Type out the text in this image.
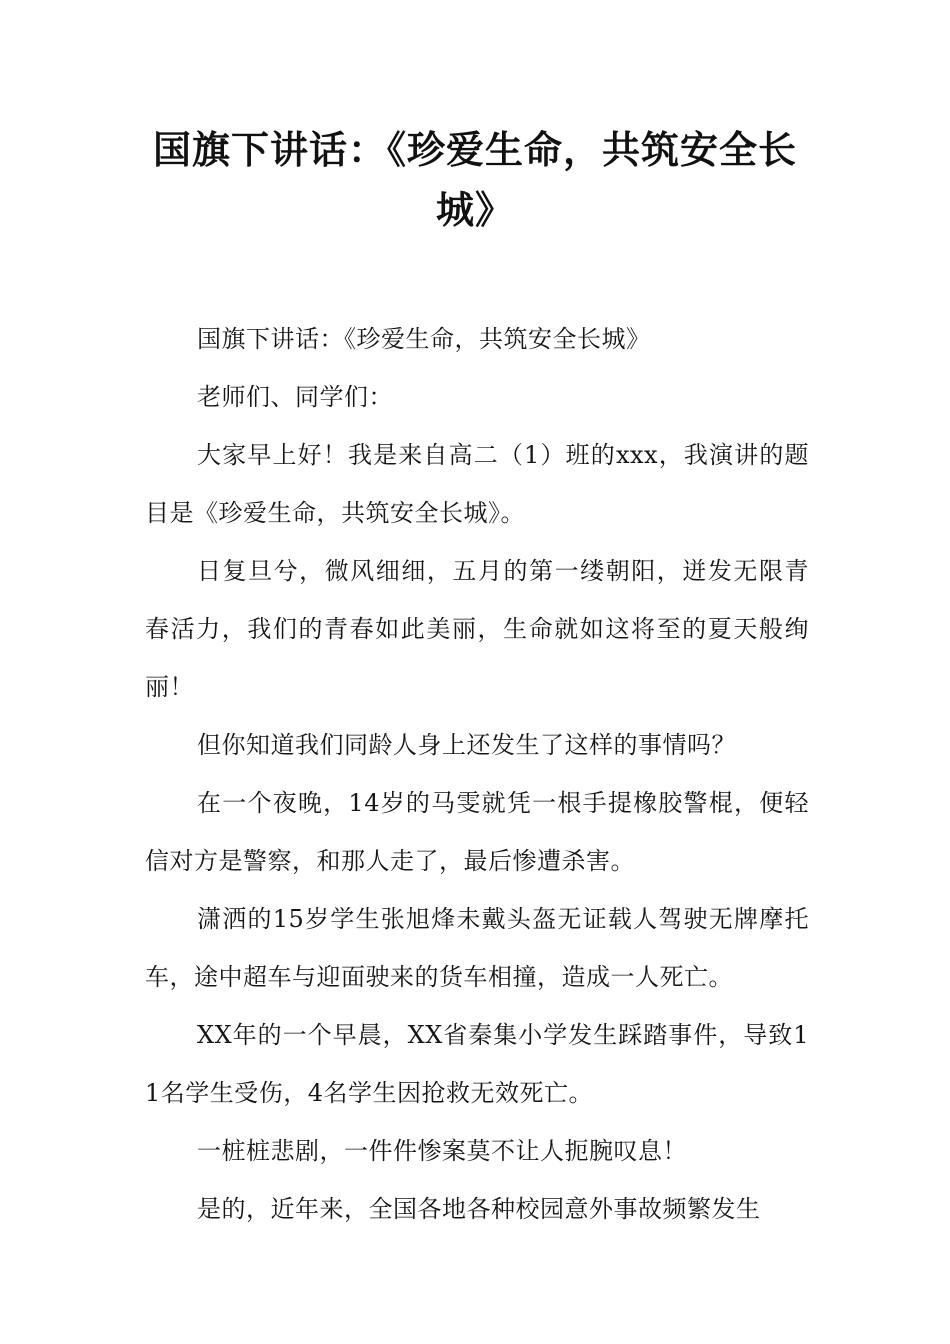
国旗下讲话：《珍爱生命，共筑安全长城》

国旗下讲话：《珍爱生命，共筑安全长城》

老师们、同学们：

大家早上好！我是来自高二（1）班的xxx，我演讲的题目是《珍爱生命，共筑安全长城》。

日复旦兮，微风细细，五月的第一缕朝阳，迸发无限青春活力，我们的青春如此美丽，生命就如这将至的夏天般绚丽！

但你知道我们同龄人身上还发生了这样的事情吗？

在一个夜晚，14岁的马雯就凭一根手提橡胶警棍，便轻信对方是警察，和那人走了，最后惨遭杀害。

潇洒的15岁学生张旭烽未戴头盔无证载人驾驶无牌摩托车，途中超车与迎面驶来的货车相撞，造成一人死亡。

XX年的一个早晨，XX省秦集小学发生踩踏事件，导致11名学生受伤，4名学生因抢救无效死亡。

一桩桩悲剧，一件件惨案莫不让人扼腕叹息！

是的，近年来，全国各地各种校园意外事故频繁发生
